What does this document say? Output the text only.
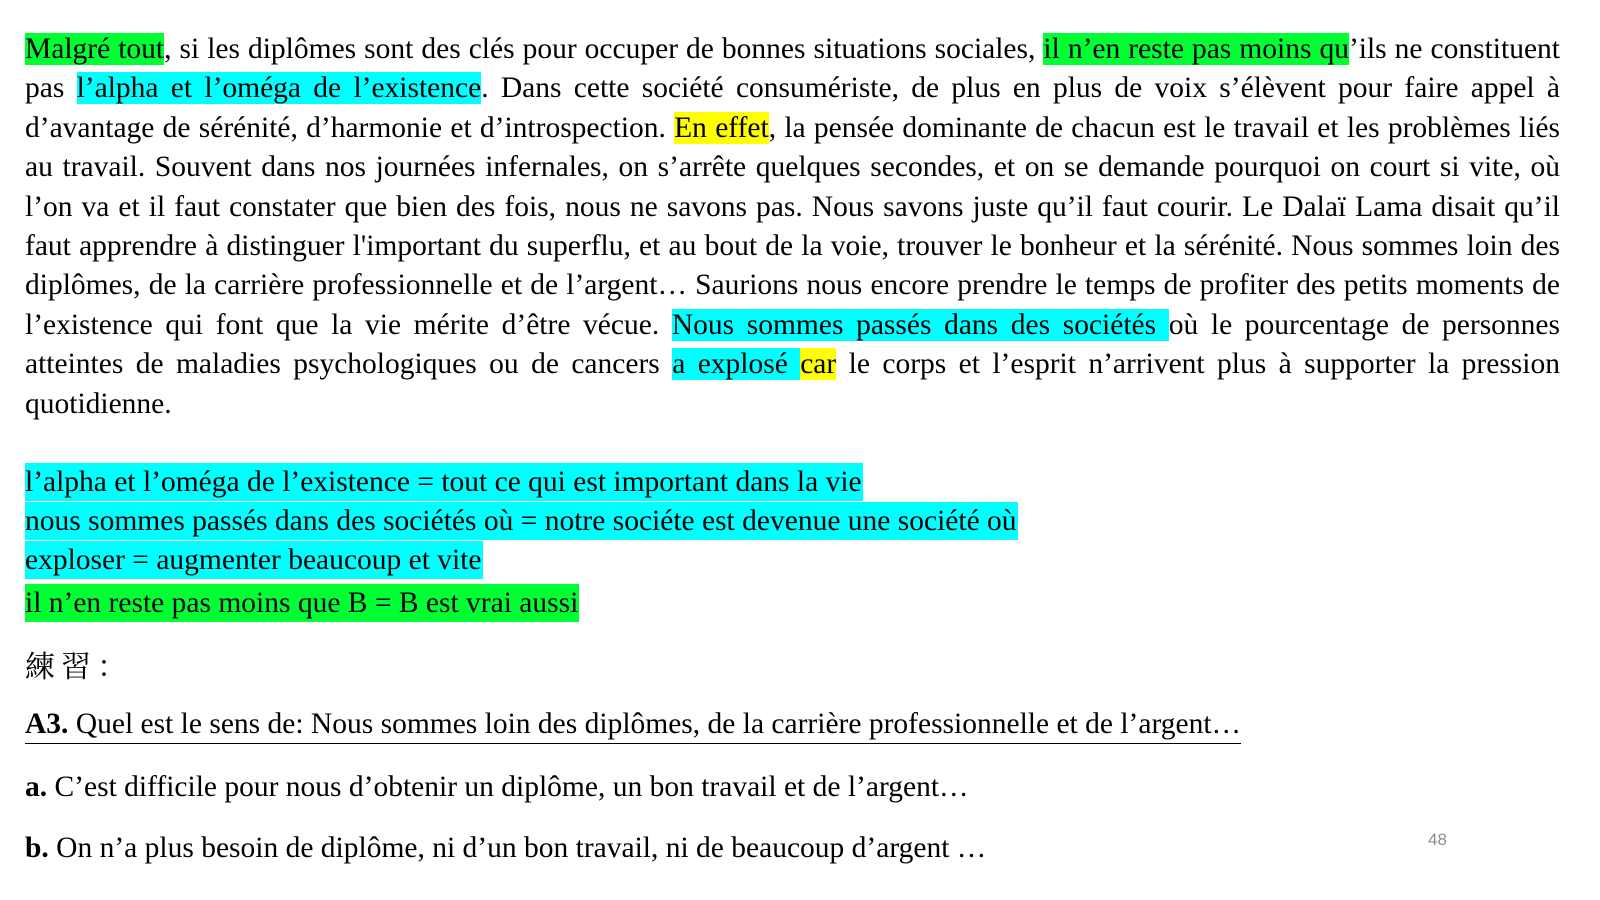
Malgré tout, si les diplômes sont des clés pour occuper de bonnes situations sociales, il n’en reste pas moins qu’ils ne constituent pas l’alpha et l’oméga de l’existence. Dans cette société consumériste, de plus en plus de voix s’élèvent pour faire appel à d’avantage de sérénité, d’harmonie et d’introspection. En effet, la pensée dominante de chacun est le travail et les problèmes liés au travail. Souvent dans nos journées infernales, on s’arrête quelques secondes, et on se demande pourquoi on court si vite, où l’on va et il faut constater que bien des fois, nous ne savons pas. Nous savons juste qu’il faut courir. Le Dalaï Lama disait qu’il faut apprendre à distinguer l'important du superflu, et au bout de la voie, trouver le bonheur et la sérénité. Nous sommes loin des diplômes, de la carrière professionnelle et de l’argent… Saurions nous encore prendre le temps de profiter des petits moments de l’existence qui font que la vie mérite d’être vécue. Nous sommes passés dans des sociétés où le pourcentage de personnes atteintes de maladies psychologiques ou de cancers a explosé car le corps et l’esprit n’arrivent plus à supporter la pression quotidienne.
l’alpha et l’oméga de l’existence = tout ce qui est important dans la vie
nous sommes passés dans des sociétés où = notre sociéte est devenue une société où
exploser = augmenter beaucoup et vite
il n’en reste pas moins que B = B est vrai aussi
練習：
A3. Quel est le sens de: Nous sommes loin des diplômes, de la carrière professionnelle et de l’argent…
a. C’est difficile pour nous d’obtenir un diplôme, un bon travail et de l’argent…
b. On n’a plus besoin de diplôme, ni d’un bon travail, ni de beaucoup d’argent …	48
